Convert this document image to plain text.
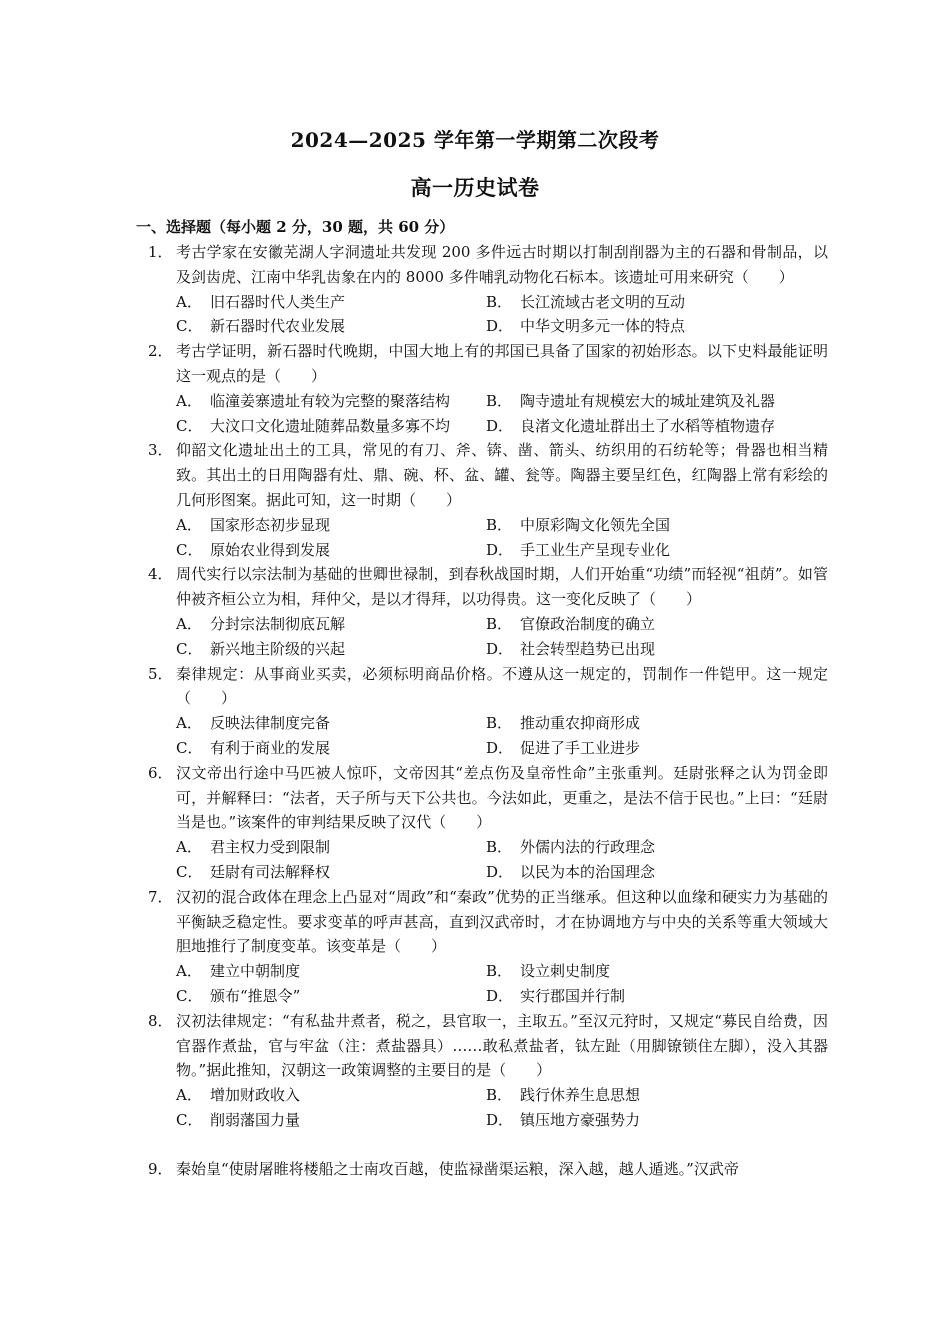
2024—2025 学年第一学期第二次段考
高一历史试卷
一、选择题（每小题 2 分，30 题，共 60 分）
1． 考古学家在安徽芜湖人字洞遗址共发现 200 多件远古时期以打制刮削器为主的石器和骨制品，以及剑齿虎、江南中华乳齿象在内的 8000 多件哺乳动物化石标本。该遗址可用来研究（　　）
A． 旧石器时代人类生产	B． 长江流域古老文明的互动
C． 新石器时代农业发展	D． 中华文明多元一体的特点
2． 考古学证明，新石器时代晚期，中国大地上有的邦国已具备了国家的初始形态。以下史料最能证明这一观点的是（　　）
A． 临潼姜寨遗址有较为完整的聚落结构	B． 陶寺遗址有规模宏大的城址建筑及礼器
C． 大汶口文化遗址随葬品数量多寡不均	D． 良渚文化遗址群出土了水稻等植物遗存
3． 仰韶文化遗址出土的工具，常见的有刀、斧、锛、凿、箭头、纺织用的石纺轮等；骨器也相当精致。其出土的日用陶器有灶、鼎、碗、杯、盆、罐、瓮等。陶器主要呈红色，红陶器上常有彩绘的几何形图案。据此可知，这一时期（　　）
A． 国家形态初步显现	B． 中原彩陶文化领先全国
C． 原始农业得到发展	D． 手工业生产呈现专业化
4． 周代实行以宗法制为基础的世卿世禄制，到春秋战国时期，人们开始重“功绩”而轻视“祖荫”。如管仲被齐桓公立为相，拜仲父，是以才得拜，以功得贵。这一变化反映了（　　）
A． 分封宗法制彻底瓦解	B． 官僚政治制度的确立
C． 新兴地主阶级的兴起	D． 社会转型趋势已出现
5． 秦律规定：从事商业买卖，必须标明商品价格。不遵从这一规定的，罚制作一件铠甲。这一规定（　　）
A． 反映法律制度完备	B． 推动重农抑商形成
C． 有利于商业的发展	D． 促进了手工业进步
6． 汉文帝出行途中马匹被人惊吓，文帝因其“差点伤及皇帝性命”主张重判。廷尉张释之认为罚金即可，并解释曰：“法者，天子所与天下公共也。今法如此，更重之，是法不信于民也。”上曰：“廷尉当是也。”该案件的审判结果反映了汉代（　　）
A． 君主权力受到限制	B． 外儒内法的行政理念
C． 廷尉有司法解释权	D． 以民为本的治国理念
7． 汉初的混合政体在理念上凸显对“周政”和“秦政”优势的正当继承。但这种以血缘和硬实力为基础的平衡缺乏稳定性。要求变革的呼声甚高，直到汉武帝时，才在协调地方与中央的关系等重大领域大胆地推行了制度变革。该变革是（　　）
A． 建立中朝制度	B． 设立刺史制度
C． 颁布“推恩令”	D． 实行郡国并行制
8． 汉初法律规定：“有私盐井煮者，税之，县官取一，主取五。”至汉元狩时，又规定“募民自给费，因官器作煮盐，官与牢盆（注：煮盐器具）……敢私煮盐者，钛左趾（用脚镣锁住左脚），没入其器物。”据此推知，汉朝这一政策调整的主要目的是（　　）
A． 增加财政收入	B． 践行休养生息思想
C． 削弱藩国力量	D． 镇压地方豪强势力
9． 秦始皇“使尉屠睢将楼船之士南攻百越，使监禄凿渠运粮，深入越，越人遁逃。”汉武帝
